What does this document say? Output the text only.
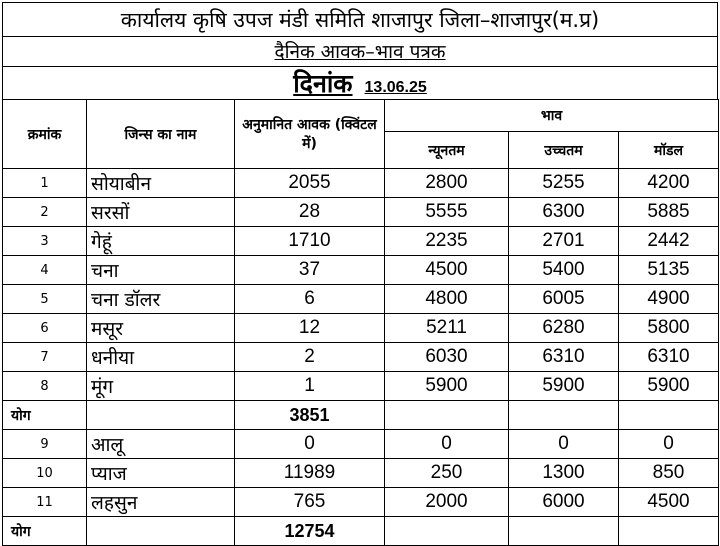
कार्यालय कृषि उपज मंडी समिति शाजापुर जिला–शाजापुर(म.प्र)
दैनिक आवक–भाव पत्रक
दिनांक 13.06.25
क्रमांक	जिन्स का नाम	अनुमानित आवक (क्विंटल में)	भाव		
			न्यूनतम	उच्चतम	मॉडल
1	सोयाबीन	2055	2800	5255	4200
2	सरसों	28	5555	6300	5885
3	गेहूं	1710	2235	2701	2442
4	चना	37	4500	5400	5135
5	चना डॉलर	6	4800	6005	4900
6	मसूर	12	5211	6280	5800
7	धनीया	2	6030	6310	6310
8	मूंग	1	5900	5900	5900
योग		3851			
9	आलू	0	0	0	0
10	प्याज	11989	250	1300	850
11	लहसुन	765	2000	6000	4500
योग		12754			
